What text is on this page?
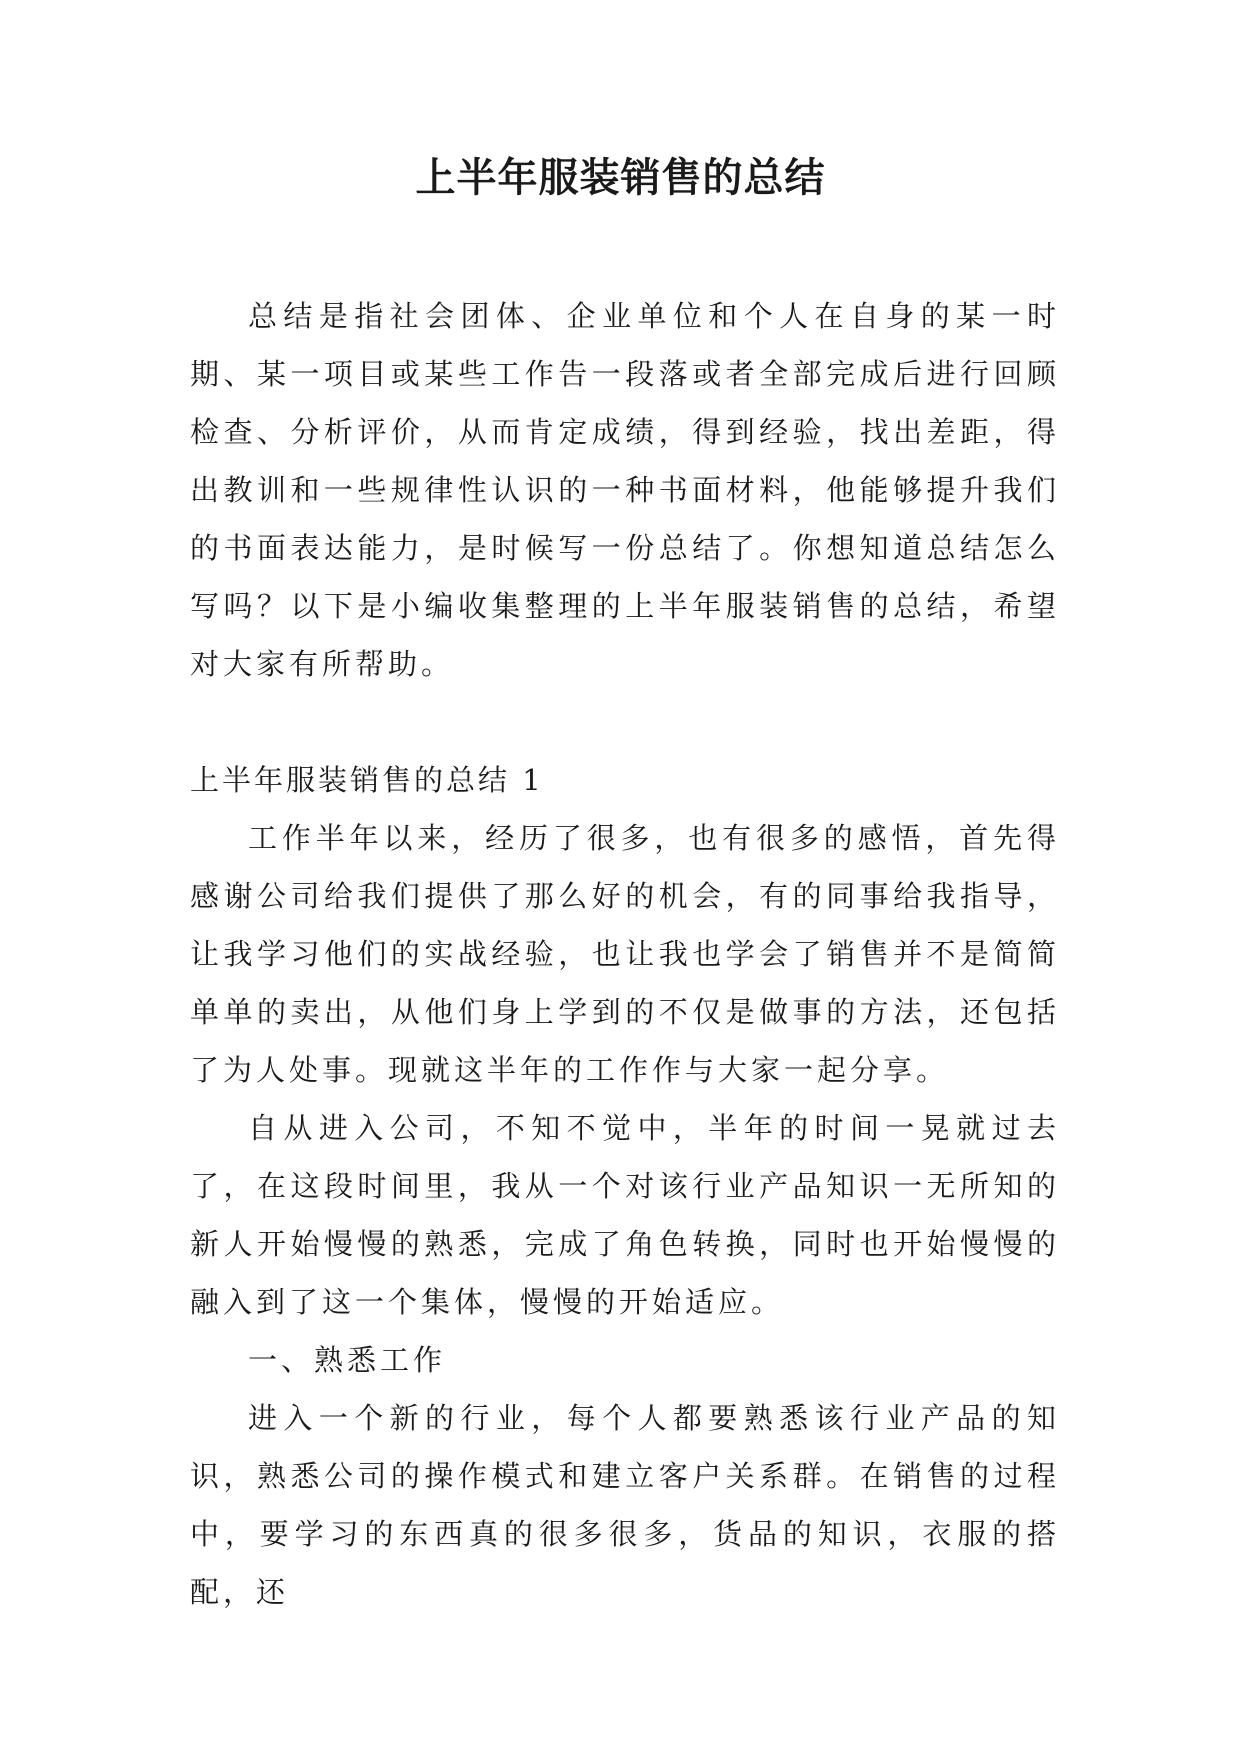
上半年服装销售的总结

总结是指社会团体、企业单位和个人在自身的某一时期、某一项目或某些工作告一段落或者全部完成后进行回顾检查、分析评价，从而肯定成绩，得到经验，找出差距，得出教训和一些规律性认识的一种书面材料，他能够提升我们的书面表达能力，是时候写一份总结了。你想知道总结怎么写吗？以下是小编收集整理的上半年服装销售的总结，希望对大家有所帮助。

上半年服装销售的总结 1

工作半年以来，经历了很多，也有很多的感悟，首先得感谢公司给我们提供了那么好的机会，有的同事给我指导，让我学习他们的实战经验，也让我也学会了销售并不是简简单单的卖出，从他们身上学到的不仅是做事的方法，还包括了为人处事。现就这半年的工作作与大家一起分享。

自从进入公司，不知不觉中，半年的时间一晃就过去了，在这段时间里，我从一个对该行业产品知识一无所知的新人开始慢慢的熟悉，完成了角色转换，同时也开始慢慢的融入到了这一个集体，慢慢的开始适应。

一、熟悉工作

进入一个新的行业，每个人都要熟悉该行业产品的知识，熟悉公司的操作模式和建立客户关系群。在销售的过程中，要学习的东西真的很多很多，货品的知识，衣服的搭配，还
